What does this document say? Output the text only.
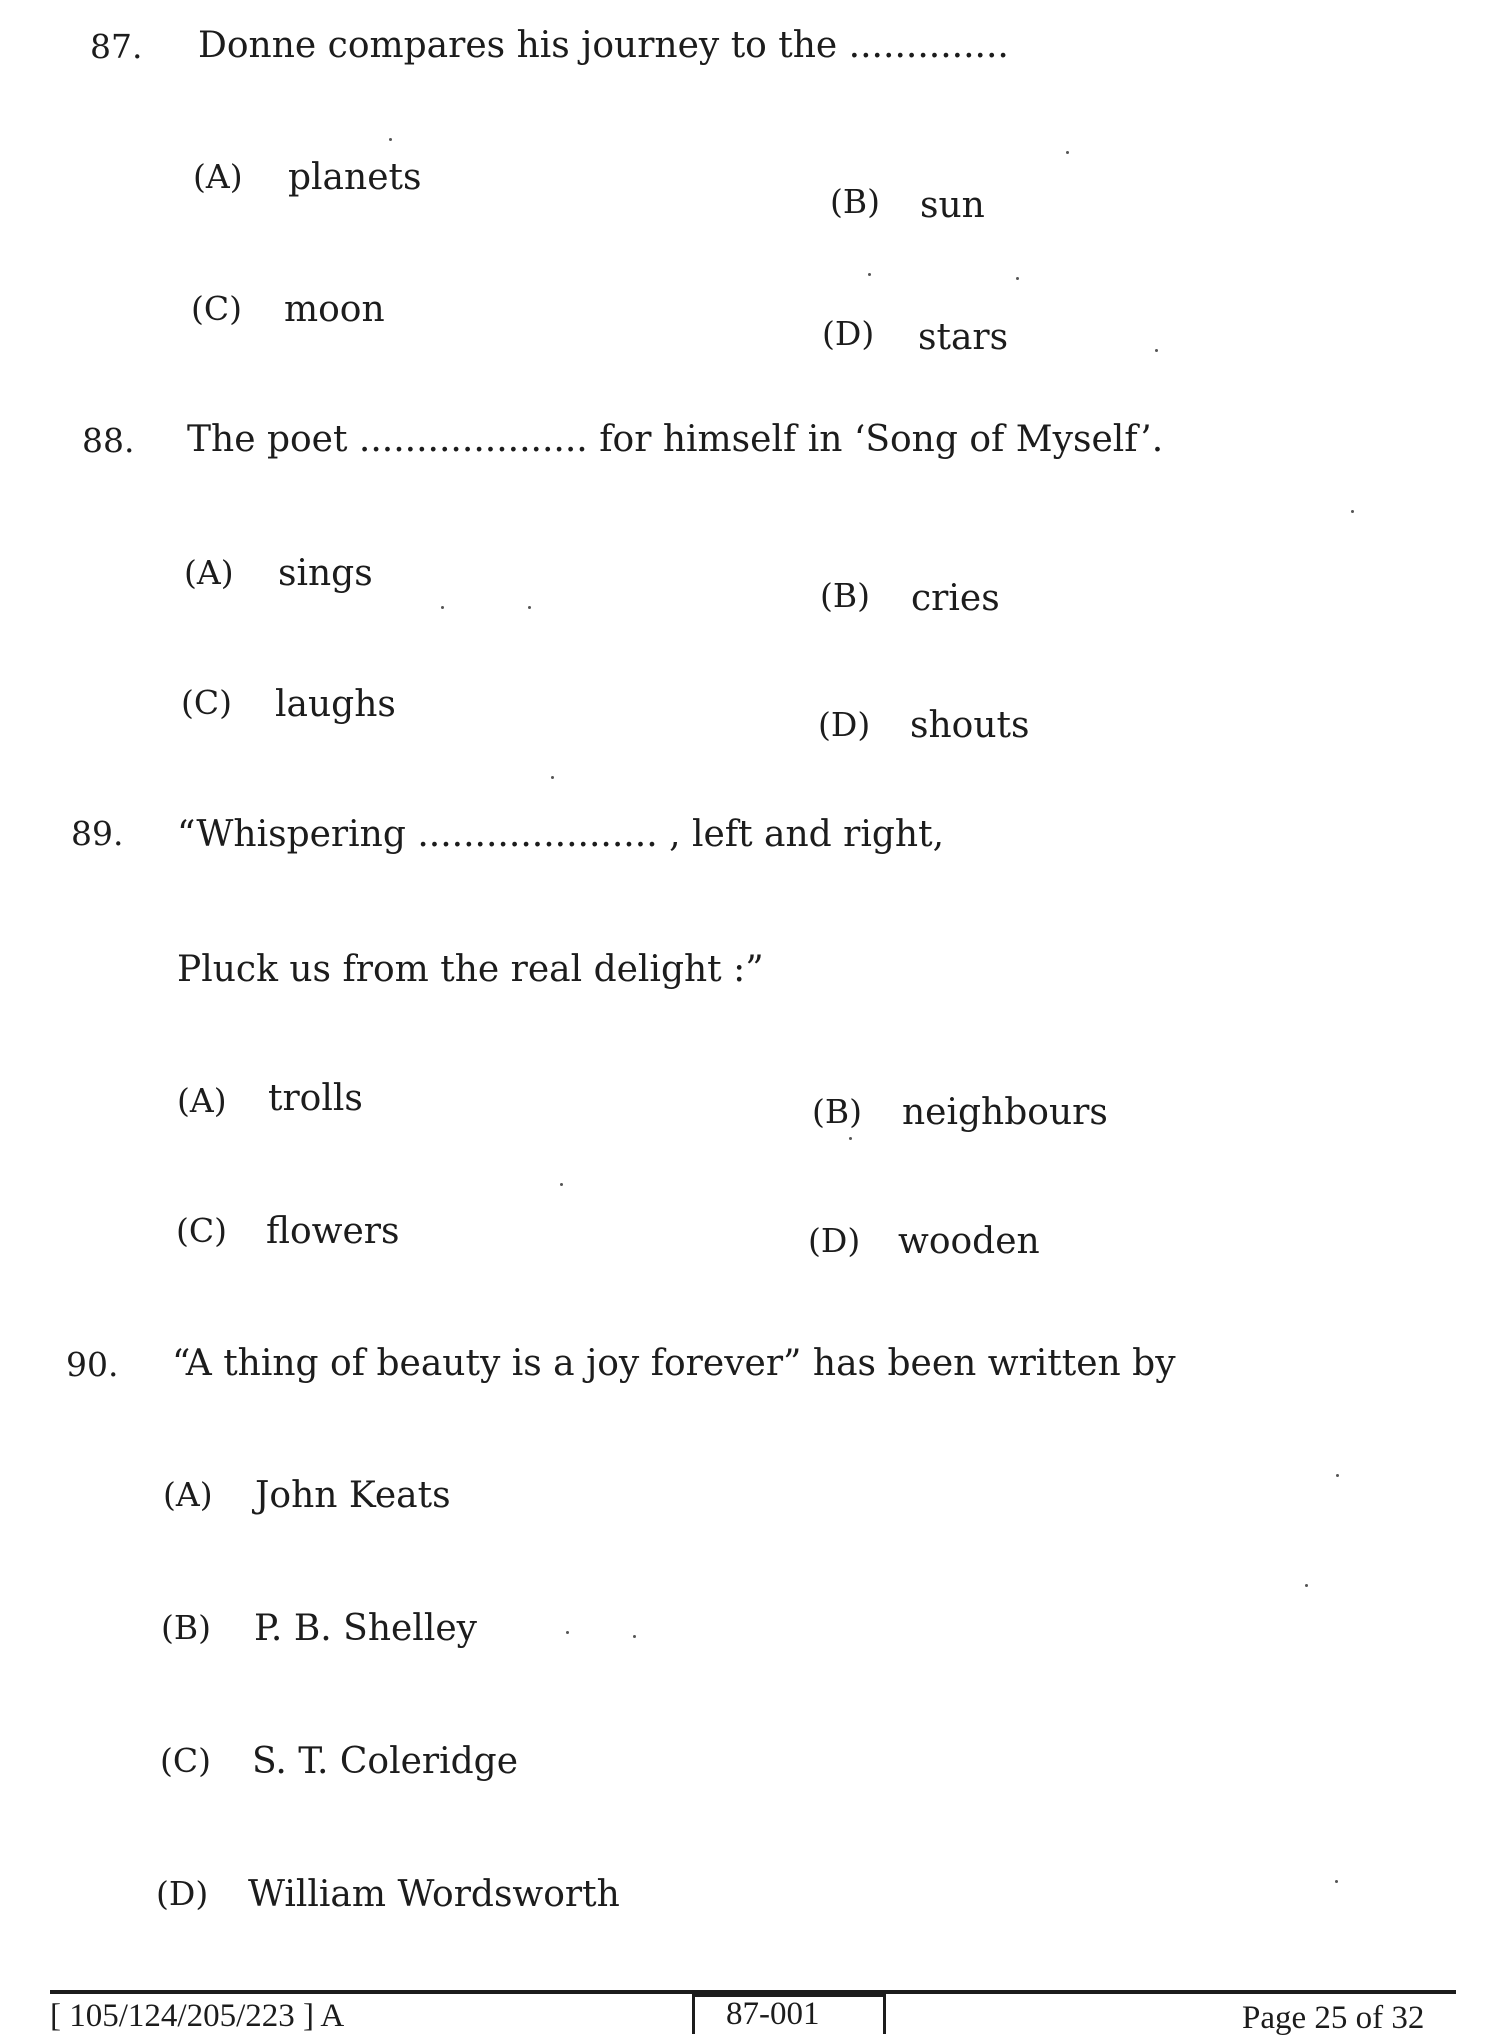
87. Donne compares his journey to the ..............
(A) planets
(B) sun
(C) moon
(D) stars
88. The poet .................... for himself in ‘Song of Myself’.
(A) sings
(B) cries
(C) laughs	(D) shouts
89. “Whispering ..................... , left and right,
Pluck us from the real delight :”
(A) trolls	(B) neighbours
(C) flowers	(D) wooden
90. “A thing of beauty is a joy forever” has been written by
(A) John Keats
(B) P. B. Shelley
(C) S. T. Coleridge
(D) William Wordsworth
[ 105/124/205/223 ] A	87-001	Page 25 of 32
